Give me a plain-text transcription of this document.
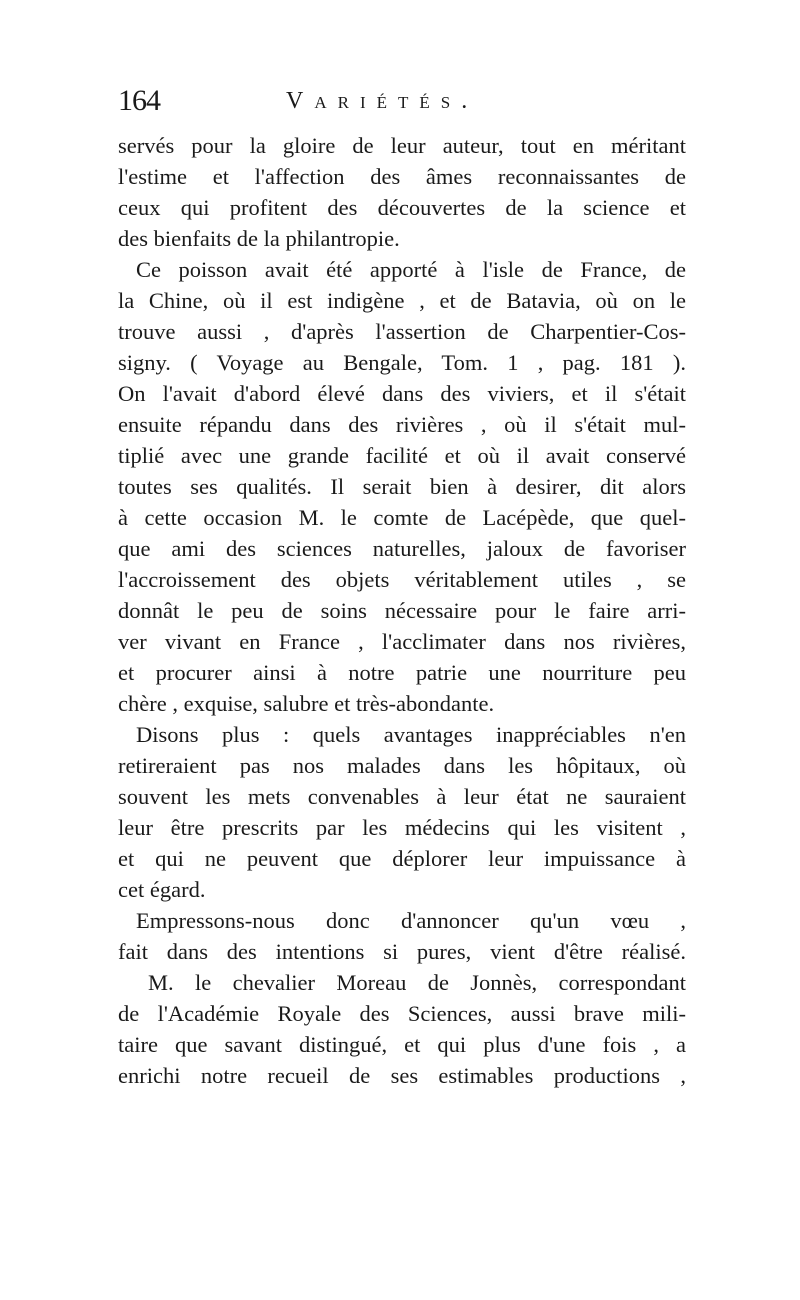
164	Variétés.
servés pour la gloire de leur auteur, tout en méritant
l'estime et l'affection des âmes reconnaissantes de
ceux qui profitent des découvertes de la science et
des bienfaits de la philantropie.
Ce poisson avait été apporté à l'isle de France, de
la Chine, où il est indigène , et de Batavia, où on le
trouve aussi , d'après l'assertion de Charpentier-Cos-
signy. ( Voyage au Bengale, Tom. 1 , pag. 181 ).
On l'avait d'abord élevé dans des viviers, et il s'était
ensuite répandu dans des rivières , où il s'était mul-
tiplié avec une grande facilité et où il avait conservé
toutes ses qualités. Il serait bien à desirer, dit alors
à cette occasion M. le comte de Lacépède, que quel-
que ami des sciences naturelles, jaloux de favoriser
l'accroissement des objets véritablement utiles , se
donnât le peu de soins nécessaire pour le faire arri-
ver vivant en France , l'acclimater dans nos rivières,
et procurer ainsi à notre patrie une nourriture peu
chère , exquise, salubre et très-abondante.
Disons plus : quels avantages inappréciables n'en
retireraient pas nos malades dans les hôpitaux, où
souvent les mets convenables à leur état ne sauraient
leur être prescrits par les médecins qui les visitent ,
et qui ne peuvent que déplorer leur impuissance à
cet égard.
Empressons-nous donc d'annoncer qu'un vœu ,
fait dans des intentions si pures, vient d'être réalisé.
M. le chevalier Moreau de Jonnès, correspondant
de l'Académie Royale des Sciences, aussi brave mili-
taire que savant distingué, et qui plus d'une fois , a
enrichi notre recueil de ses estimables productions ,
